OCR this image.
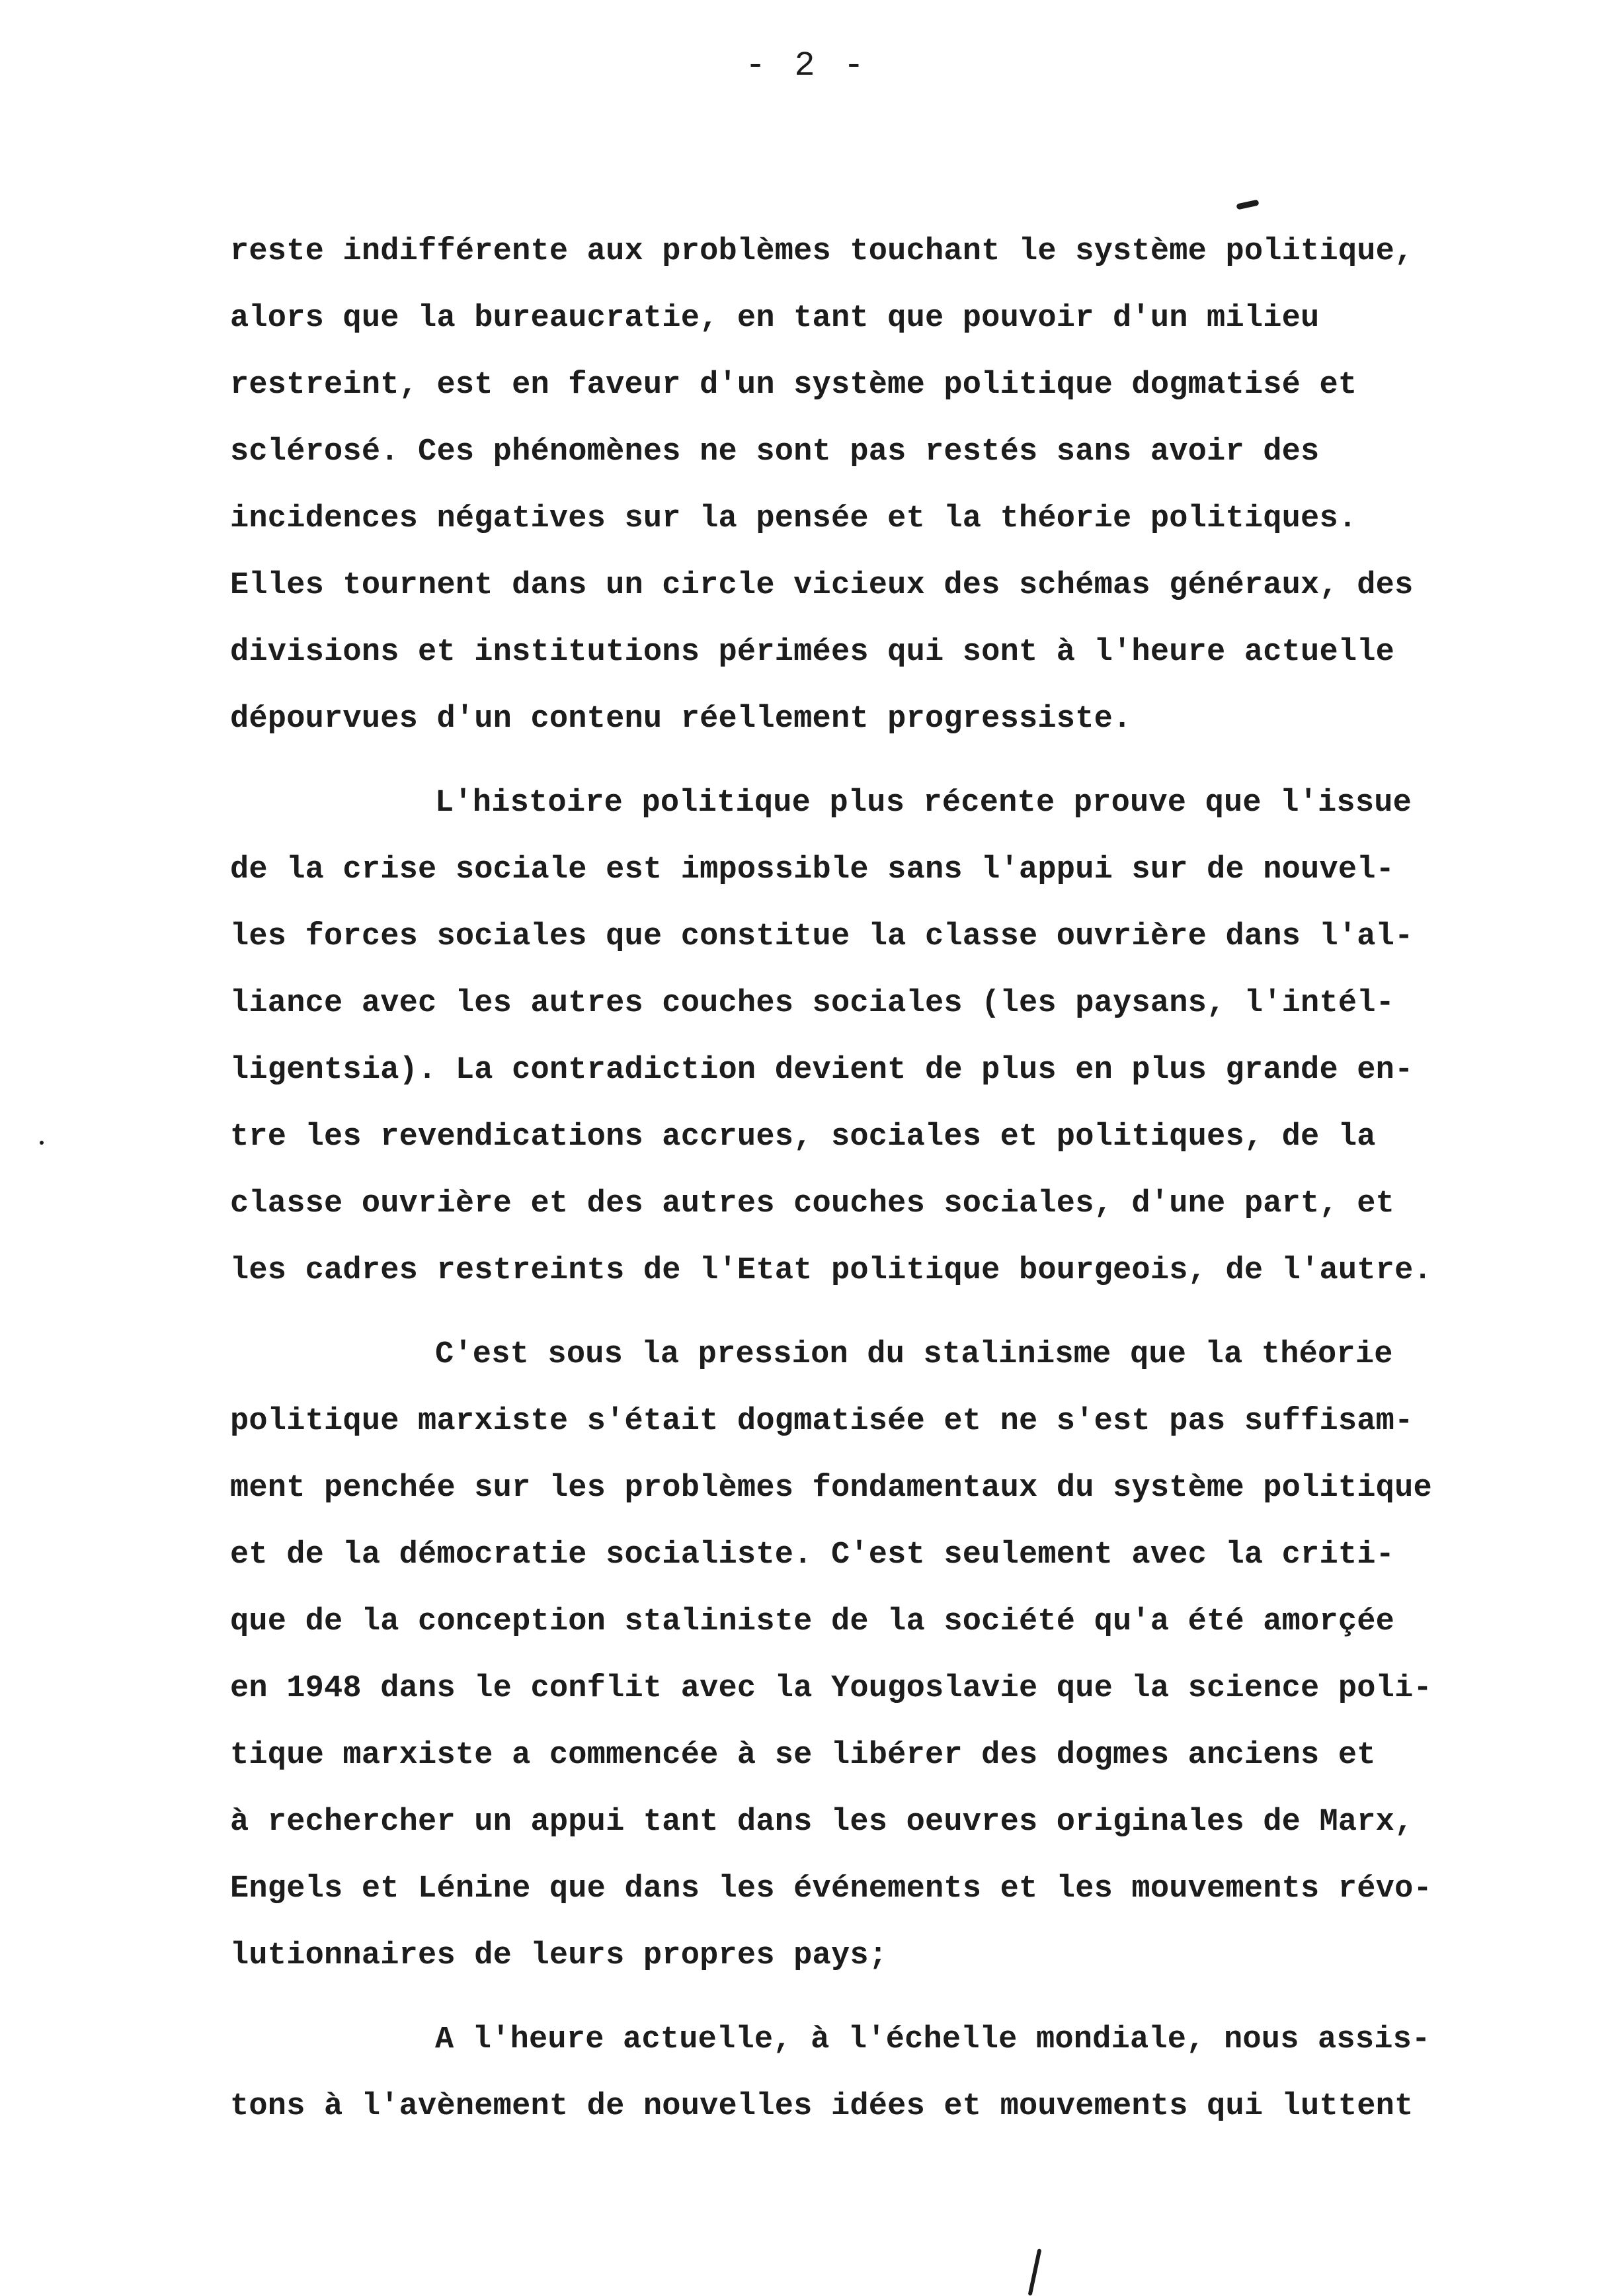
- 2 -

reste indifférente aux problèmes touchant le système politique,

alors que la bureaucratie, en tant que pouvoir d'un milieu

restreint, est en faveur d'un système politique dogmatisé et

sclérosé. Ces phénomènes ne sont pas restés sans avoir des

incidences négatives sur la pensée et la théorie politiques.

Elles tournent dans un circle vicieux des schémas généraux, des

divisions et institutions périmées qui sont à l'heure actuelle

dépourvues d'un contenu réellement progressiste.

L'histoire politique plus récente prouve que l'issue

de la crise sociale est impossible sans l'appui sur de nouvel-

les forces sociales que constitue la classe ouvrière dans l'al-

liance avec les autres couches sociales (les paysans, l'intél-

ligentsia). La contradiction devient de plus en plus grande en-

tre les revendications accrues, sociales et politiques, de la

classe ouvrière et des autres couches sociales, d'une part, et

les cadres restreints de l'Etat politique bourgeois, de l'autre.

C'est sous la pression du stalinisme que la théorie

politique marxiste s'était dogmatisée et ne s'est pas suffisam-

ment penchée sur les problèmes fondamentaux du système politique

et de la démocratie socialiste. C'est seulement avec la criti-

que de la conception staliniste de la société qu'a été amorçée

en 1948 dans le conflit avec la Yougoslavie que la science poli-

tique marxiste a commencée à se libérer des dogmes anciens et

à rechercher un appui tant dans les oeuvres originales de Marx,

Engels et Lénine que dans les événements et les mouvements révo-

lutionnaires de leurs propres pays;

A l'heure actuelle, à l'échelle mondiale, nous assis-

tons à l'avènement de nouvelles idées et mouvements qui luttent
